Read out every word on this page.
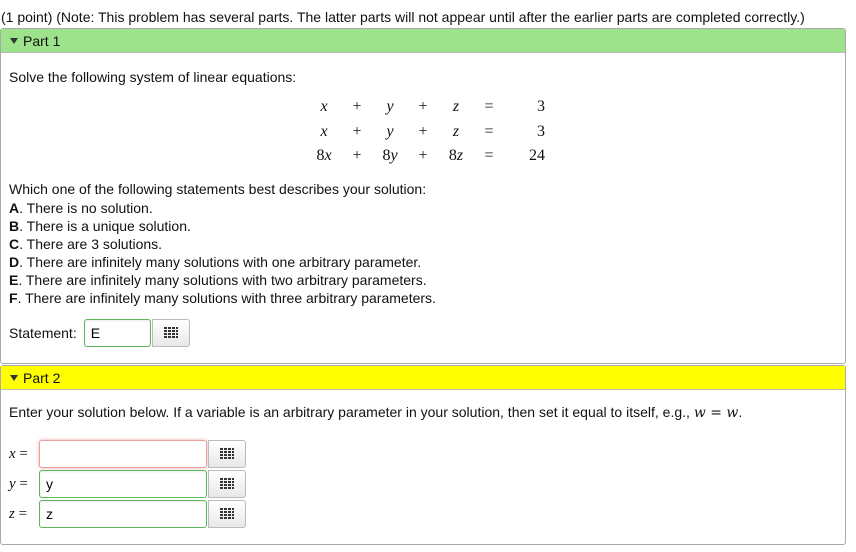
(1 point) (Note: This problem has several parts. The latter parts will not appear until after the earlier parts are completed correctly.)
Part 1
Solve the following system of linear equations:
x	+	y	+	z	=	3
x	+	y	+	z	=	3
8x	+	8y	+	8z	=	24
Which one of the following statements best describes your solution:
A. There is no solution.
B. There is a unique solution.
C. There are 3 solutions.
D. There are infinitely many solutions with one arbitrary parameter.
E. There are infinitely many solutions with two arbitrary parameters.
F. There are infinitely many solutions with three arbitrary parameters.
Statement:
E
Part 2
Enter your solution below. If a variable is an arbitrary parameter in your solution, then set it equal to itself, e.g., w = w.
x =
y =
y
z =
z
